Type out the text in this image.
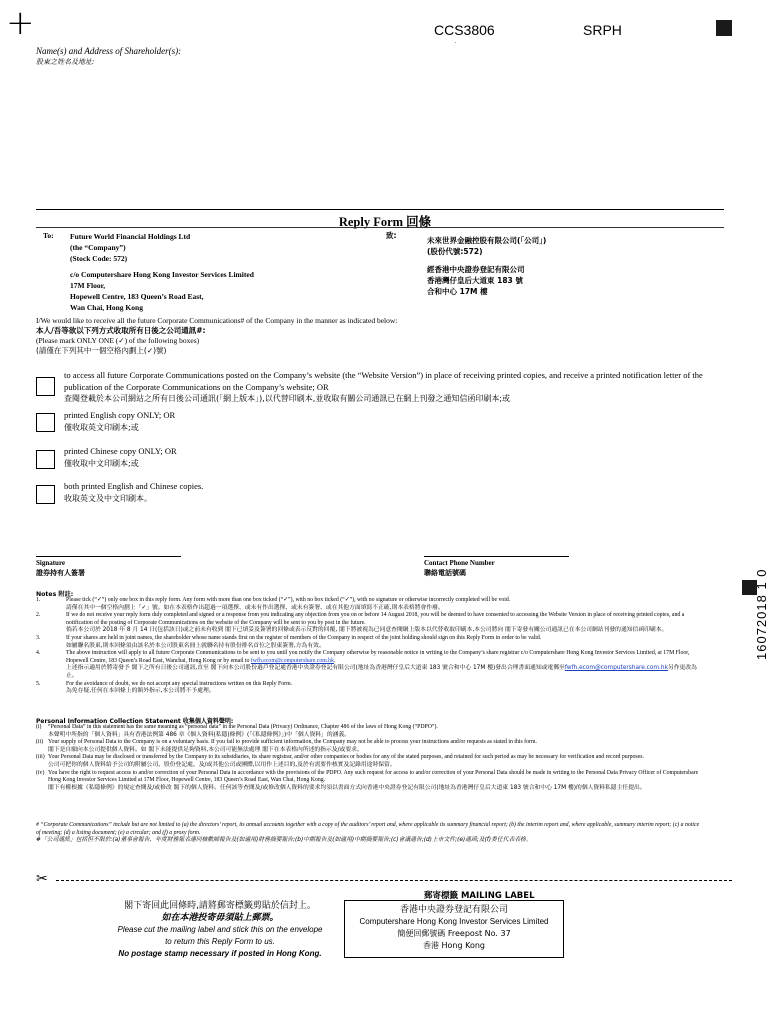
+	CCS3806	SRPH
·
Name(s) and Address of Shareholder(s):
股東之姓名及地址:
Reply Form 回條
To: Future World Financial Holdings Ltd
(the “Company”)
(Stock Code: 572)
c/o Computershare Hong Kong Investor Services Limited
17M Floor,
Hopewell Centre, 183 Queen’s Road East,
Wan Chai, Hong Kong
致:
未來世界金融控股有限公司(「公司」)
(股份代號:572)
經香港中央證券登記有限公司
香港灣仔皇后大道東 183 號
合和中心 17M 樓
I/We would like to receive all the future Corporate Communications# of the Company in the manner as indicated below:
本人/吾等欲以下列方式收取所有日後之公司通訊#:
(Please mark ONLY ONE (✓) of the following boxes)
(請僅在下列其中一個空格內劃上(✓)號)
to access all future Corporate Communications posted on the Company’s website (the “Website Version”) in place of receiving printed copies, and receive a printed notification letter of the publication of the Corporate Communications on the Company’s website; OR
查閱登載於本公司網站之所有日後公司通訊(「網上版本」),以代替印刷本,並收取有關公司通訊已在網上刊發之通知信函印刷本;或
printed English copy ONLY; OR
僅收取英文印刷本;或
printed Chinese copy ONLY; OR
僅收取中文印刷本;或
both printed English and Chinese copies.
收取英文及中文印刷本。
Signature
證券持有人簽署
Contact Phone Number
聯絡電話號碼
Notes 附註:
1.	Please tick (“✓”) only one box in this reply form. Any form with more than one box ticked (“✓”), with no box ticked (“✓”), with no signature or otherwise incorrectly completed will be void.
請僅在其中一個空格內劃上「✓」號。如在本表格作出超過一項選擇、或未有作出選擇、或未有簽署、或在其他方面填寫不正確,則本表格將會作廢。
2.	If we do not receive your reply form duly completed and signed or a response from you indicating any objection from you on or before 14 August 2018, you will be deemed to have consented to accessing the Website Version in place of receiving printed copies, and a notification of the posting of Corporate Communications on the website of the Company will be sent to you by post in the future.
倘若本公司於 2018 年 8 月 14 日(包括該日)或之前未有收到 閣下已填妥及簽署的回條或表示反對的回覆, 閣下將被視為已同意查閱網上版本以代替收取印刷本,本公司將向 閣下寄發有關公司通訊已在本公司網站刊發的通知信函印刷本。
3.	If your shares are held in joint names, the shareholder whose name stands first on the register of members of the Company in respect of the joint holding should sign on this Reply Form in order to be valid.
如屬聯名股東,則本回條須由該名於本公司股東名冊上就聯名持有股份排名首位之股東簽署,方為有效。
4.	The above instruction will apply to all future Corporate Communications to be sent to you until you notify the Company otherwise by reasonable notice in writing to the Company’s share registrar c/o Computershare Hong Kong Investor Services Limited, at 17M Floor, Hopewell Centre, 183 Queen’s Road East, Wanchai, Hong Kong or by email to fwfh.ecom@computershare.com.hk.
上述指示適用於將寄發予 閣下之所有日後公司通訊,直至 閣下向本公司股份過戶登記處香港中央證券登記有限公司(地址為香港灣仔皇后大道東 183 號合和中心 17M 樓)發出合理書面通知或電郵至fwfh.ecom@computershare.com.hk另作更改為止。
5.	For the avoidance of doubt, we do not accept any special instructions written on this Reply Form.
為免存疑,任何在本回條上的額外指示,本公司將不予處理。
Personal Information Collection Statement 收集個人資料聲明:
(i)	“Personal Data” in this statement has the same meaning as “personal data” in the Personal Data (Privacy) Ordinance, Chapter 486 of the laws of Hong Kong (“PDPO”).
本聲明中所指的「個人資料」具有香港法例第 486 章《個人資料(私隱)條例》(「《私隱條例》」)中「個人資料」的涵義。
(ii) Your supply of Personal Data to the Company is on a voluntary basis. If you fail to provide sufficient information, the Company may not be able to process your instructions and/or requests as stated in this form.
閣下是自願向本公司提供個人資料。如 閣下未能提供足夠資料,本公司可能無法處理 閣下在本表格內所述的指示及/或要求。
(iii) Your Personal Data may be disclosed or transferred by the Company to its subsidiaries, its share registrar, and/or other companies or bodies for any of the stated purposes, and retained for such period as may be necessary for verification and record purposes.
公司可把你的個人資料給予公司的附屬公司、股份登記處、及/或其他公司或團體,以用作上述目的,及於有需要作核實及記錄用途時保留。
(iv) You have the right to request access to and/or correction of your Personal Data in accordance with the provisions of the PDPO. Any such request for access to and/or correction of your Personal Data should be made in writing to the Personal Data Privacy Officer of Computershare Hong Kong Investor Services Limited at 17M Floor, Hopewell Centre, 183 Queen’s Road East, Wan Chai, Hong Kong.
閣下有權根據《私隱條例》的規定查閱及/或修改 閣下的個人資料。任何該等查閱及/或修改個人資料的要求均須以書面方式向香港中央證券登記有限公司(地址為香港灣仔皇后大道東 183 號合和中心 17M 樓)的個人資料私隱主任提出。
# “Corporate Communications” include but are not limited to (a) the directors’ report, its annual accounts together with a copy of the auditors’ report and, where applicable its summary financial report; (b) the interim report and, where applicable, summary interim report; (c) a notice of meeting; (d) a listing document; (e) a circular; and (f) a proxy form.
#「公司通訊」包括但不限於:(a)董事會報告、年度財務報表連同核數師報告及(如適用)財務摘要報告;(b)中期報告及(如適用)中期摘要報告;(c)會議通告;(d)上市文件;(e)通函;及(f)委任代表表格。
16072018 1 0
✂
郵寄標籤 MAILING LABEL
閣下寄回此回條時,請將郵寄標籤剪貼於信封上。
如在本港投寄毋須貼上郵票。
Please cut the mailing label and stick this on the envelope
to return this Reply Form to us.
No postage stamp necessary if posted in Hong Kong.
香港中央證券登記有限公司
Computershare Hong Kong Investor Services Limited
簡便回郵號碼 Freepost No. 37
香港 Hong Kong
